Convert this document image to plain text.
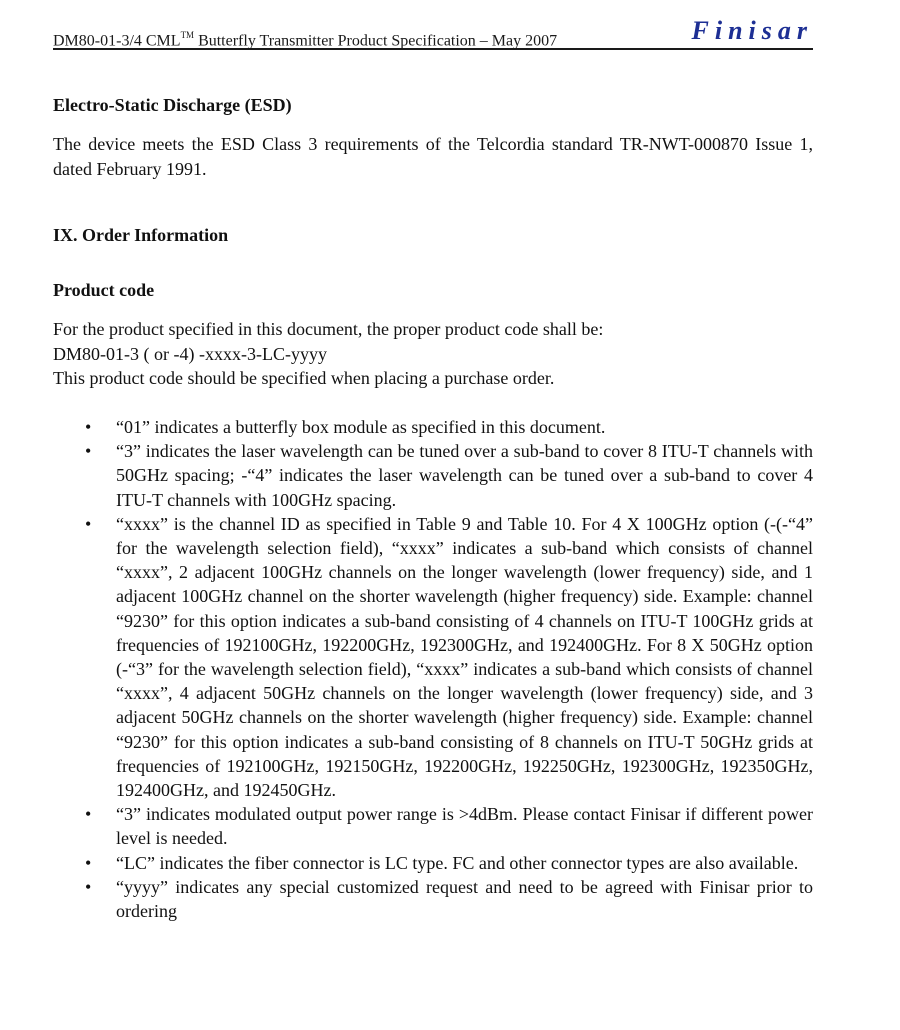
DM80-01-3/4 CML™ Butterfly Transmitter Product Specification – May 2007	Finisar
Electro-Static Discharge (ESD)

The device meets the ESD Class 3 requirements of the Telcordia standard TR-NWT-000870 Issue 1, dated February 1991.

IX. Order Information
Product code

For the product specified in this document, the proper product code shall be:
DM80-01-3 ( or -4) -xxxx-3-LC-yyyy
This product code should be specified when placing a purchase order.

• “01” indicates a butterfly box module as specified in this document.
• “3” indicates the laser wavelength can be tuned over a sub-band to cover 8 ITU-T channels with 50GHz spacing; -“4” indicates the laser wavelength can be tuned over a sub-band to cover 4 ITU-T channels with 100GHz spacing.
• “xxxx” is the channel ID as specified in Table 9 and Table 10. For 4 X 100GHz option (-(-“4” for the wavelength selection field), “xxxx” indicates a sub-band which consists of channel “xxxx”, 2 adjacent 100GHz channels on the longer wavelength (lower frequency) side, and 1 adjacent 100GHz channel on the shorter wavelength (higher frequency) side. Example: channel “9230” for this option indicates a sub-band consisting of 4 channels on ITU-T 100GHz grids at frequencies of 192100GHz, 192200GHz, 192300GHz, and 192400GHz. For 8 X 50GHz option (-“3” for the wavelength selection field), “xxxx” indicates a sub-band which consists of channel “xxxx”, 4 adjacent 50GHz channels on the longer wavelength (lower frequency) side, and 3 adjacent 50GHz channels on the shorter wavelength (higher frequency) side. Example: channel “9230” for this option indicates a sub-band consisting of 8 channels on ITU-T 50GHz grids at frequencies of 192100GHz, 192150GHz, 192200GHz, 192250GHz, 192300GHz, 192350GHz, 192400GHz, and 192450GHz.
• “3” indicates modulated output power range is >4dBm. Please contact Finisar if different power level is needed.
• “LC” indicates the fiber connector is LC type. FC and other connector types are also available.
• “yyyy” indicates any special customized request and need to be agreed with Finisar prior to ordering
